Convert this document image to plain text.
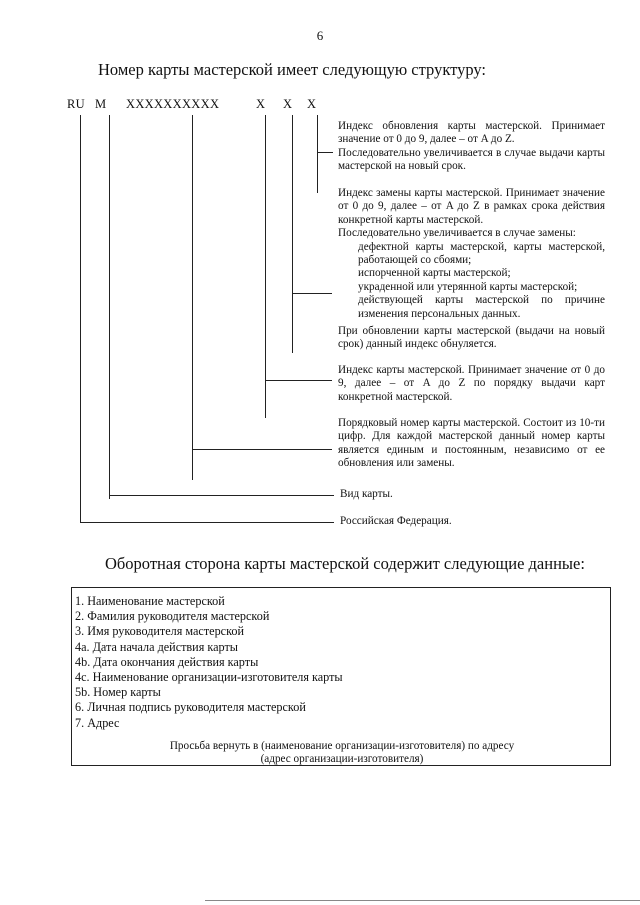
6
Номер карты мастерской имеет следующую структуру:
RU M XXXXXXXXXX	X X X

Индекс обновления карты мастерской. Принимает значение от 0 до 9, далее – от A до Z.

Последовательно увеличивается в случае выдачи карты мастерской на новый срок.

Индекс замены карты мастерской. Принимает значение от 0 до 9, далее – от A до Z в рамках срока действия конкретной карты мастерской.

Последовательно увеличивается в случае замены:

дефектной карты мастерской, карты мастерской, работающей со сбоями;

испорченной карты мастерской;

украденной или утерянной карты мастерской;

действующей карты мастерской по причине изменения персональных данных.

При обновлении карты мастерской (выдачи на новый срок) данный индекс обнуляется.

Индекс карты мастерской. Принимает значение от 0 до 9, далее – от A до Z по порядку выдачи карт конкретной мастерской.
Порядковый номер карты мастерской. Состоит из 10-ти цифр. Для каждой мастерской данный номер карты является единым и постоянным, независимо от ее обновления или замены.
Вид карты.
Российская Федерация.
Оборотная сторона карты мастерской содержит следующие данные:
1. Наименование мастерской
2. Фамилия руководителя мастерской
3. Имя руководителя мастерской
4a. Дата начала действия карты
4b. Дата окончания действия карты
4c. Наименование организации-изготовителя карты
5b. Номер карты
6. Личная подпись руководителя мастерской
7. Адрес
Просьба вернуть в (наименование организации-изготовителя) по адресу
(адрес организации-изготовителя)
